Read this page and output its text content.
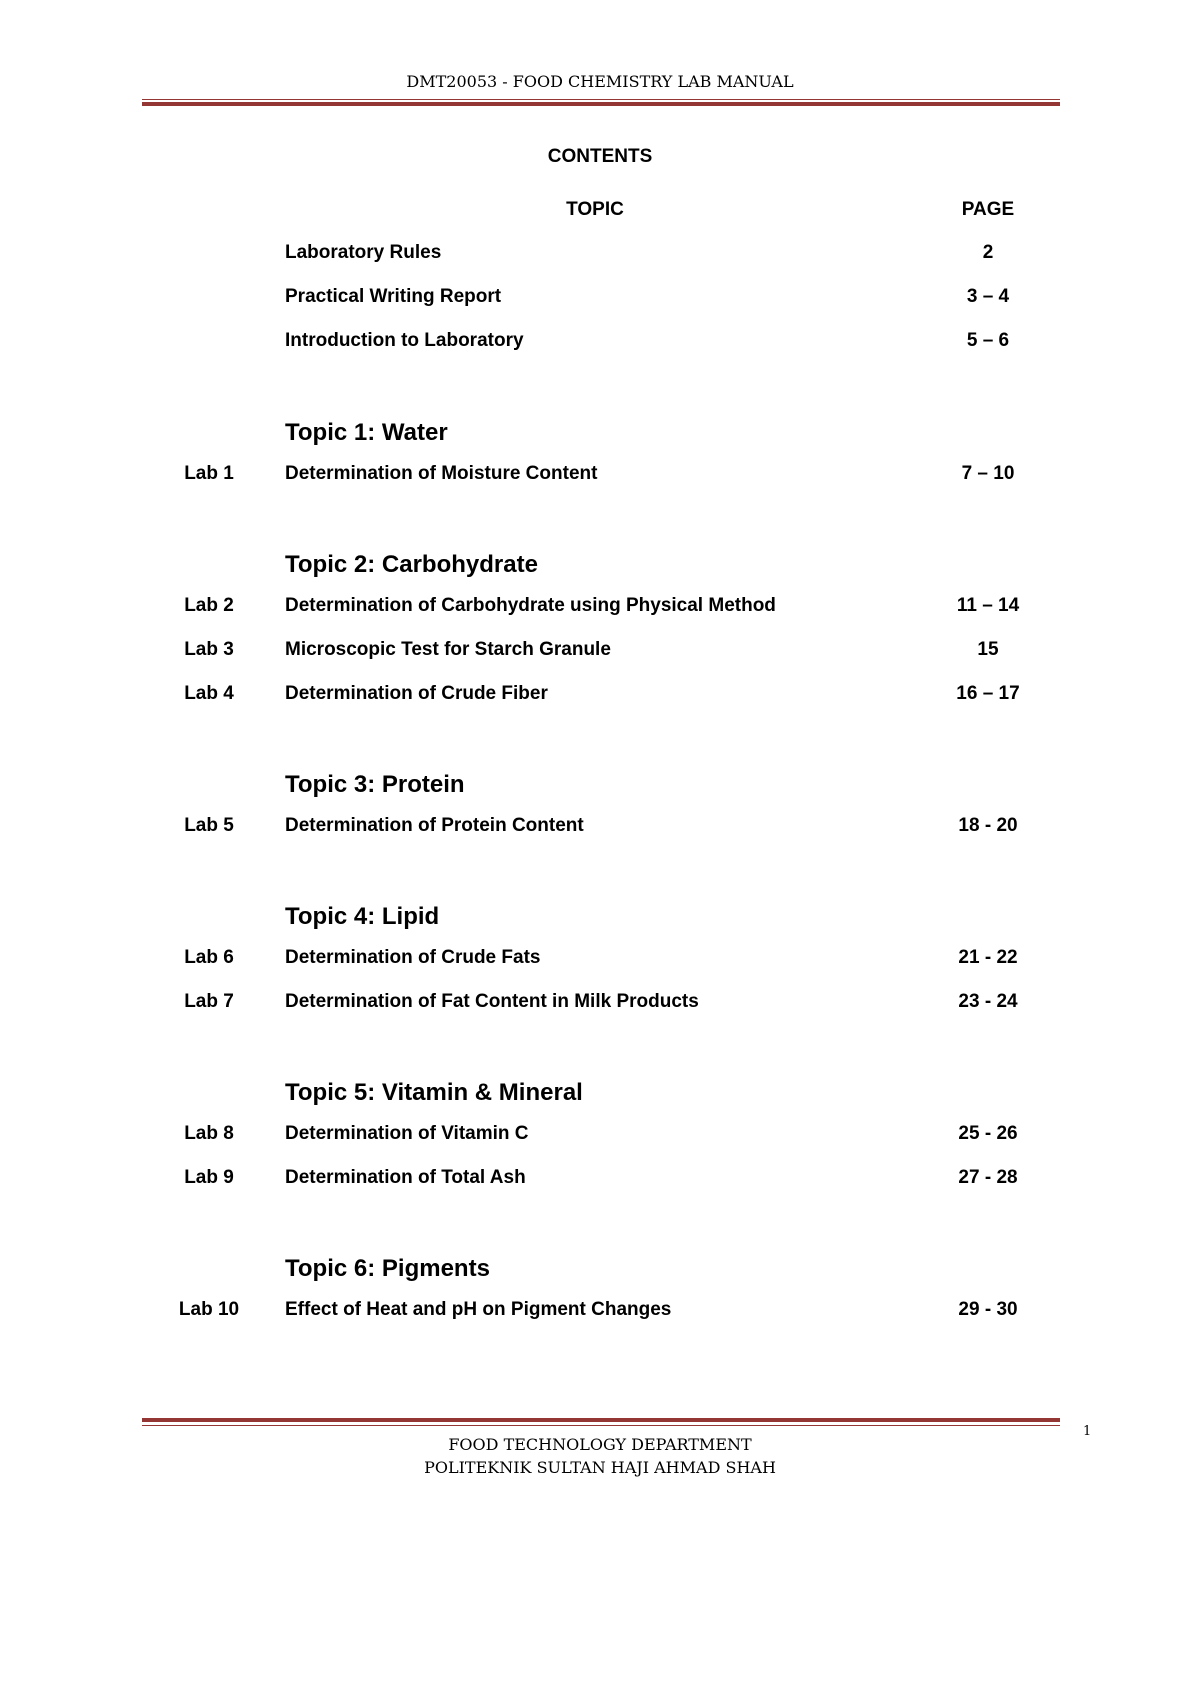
DMT20053 - FOOD CHEMISTRY LAB MANUAL
CONTENTS
TOPIC	PAGE
Laboratory Rules	2
Practical Writing Report	3 – 4
Introduction to Laboratory	5 – 6
Topic 1: Water
Lab 1	Determination of Moisture Content	7 – 10
Topic 2: Carbohydrate
Lab 2	Determination of Carbohydrate using Physical Method	11 – 14
Lab 3	Microscopic Test for Starch Granule	15
Lab 4	Determination of Crude Fiber	16 – 17
Topic 3: Protein
Lab 5	Determination of Protein Content	18 - 20
Topic 4: Lipid
Lab 6	Determination of Crude Fats	21 - 22
Lab 7	Determination of Fat Content in Milk Products	23 - 24
Topic 5: Vitamin & Mineral
Lab 8	Determination of Vitamin C	25 - 26
Lab 9	Determination of Total Ash	27 - 28
Topic 6: Pigments
Lab 10	Effect of Heat and pH on Pigment Changes	29 - 30
1
FOOD TECHNOLOGY DEPARTMENT
POLITEKNIK SULTAN HAJI AHMAD SHAH
